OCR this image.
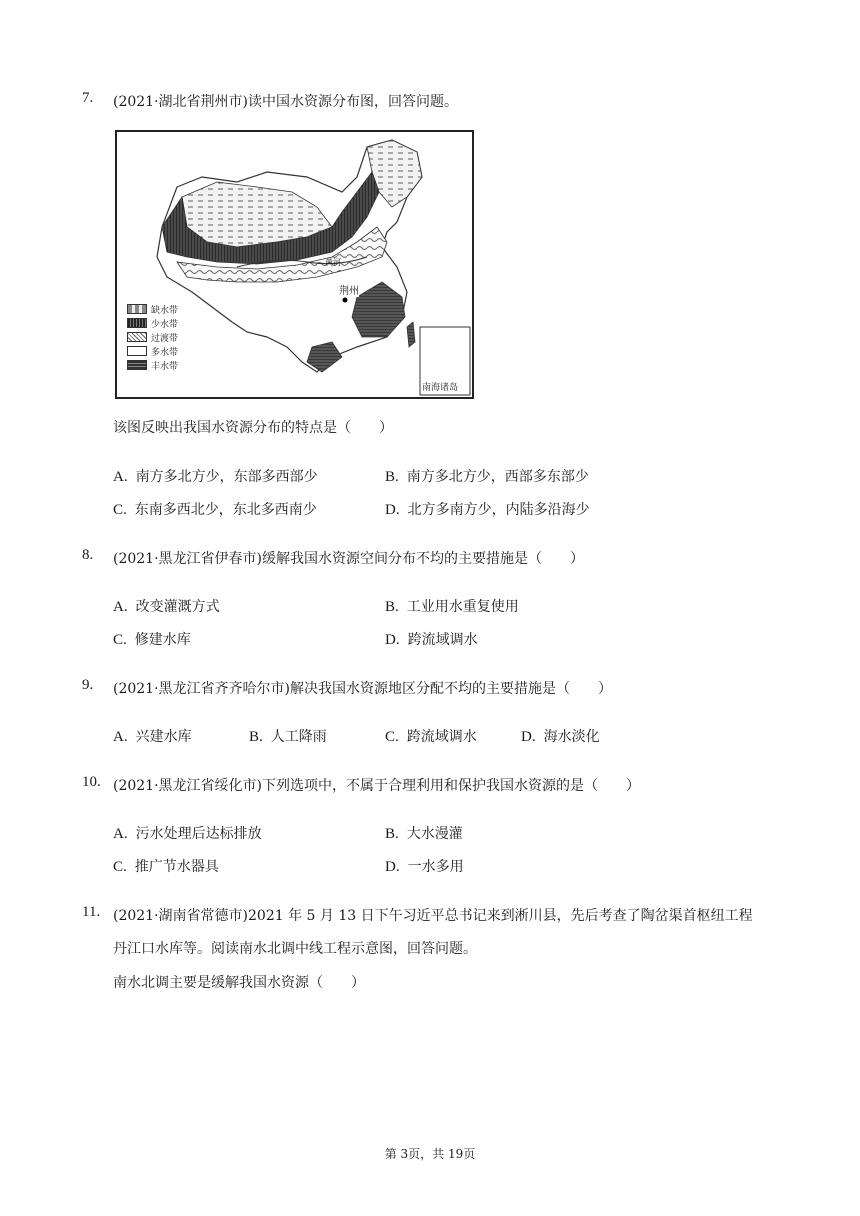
7. (2021·湖北省荆州市)读中国水资源分布图，回答问题。
荆州
黄河
南海诸岛
缺水带
少水带
过渡带
多水带
丰水带
该图反映出我国水资源分布的特点是（　　）
A. 南方多北方少，东部多西部少	B. 南方多北方少，西部多东部少
C. 东南多西北少，东北多西南少	D. 北方多南方少，内陆多沿海少
8. (2021·黑龙江省伊春市)缓解我国水资源空间分布不均的主要措施是（　　）
A. 改变灌溉方式	B. 工业用水重复使用
C. 修建水库	D. 跨流域调水
9. (2021·黑龙江省齐齐哈尔市)解决我国水资源地区分配不均的主要措施是（　　）
A. 兴建水库	B. 人工降雨	C. 跨流域调水	D. 海水淡化
10. (2021·黑龙江省绥化市)下列选项中，不属于合理利用和保护我国水资源的是（　　）
A. 污水处理后达标排放	B. 大水漫灌
C. 推广节水器具	D. 一水多用
11. (2021·湖南省常德市)2021 年 5 月 13 日下午习近平总书记来到淅川县，先后考查了陶岔渠首枢纽工程
丹江口水库等。阅读南水北调中线工程示意图，回答问题。
南水北调主要是缓解我国水资源（　　）
第 3页，共 19页
